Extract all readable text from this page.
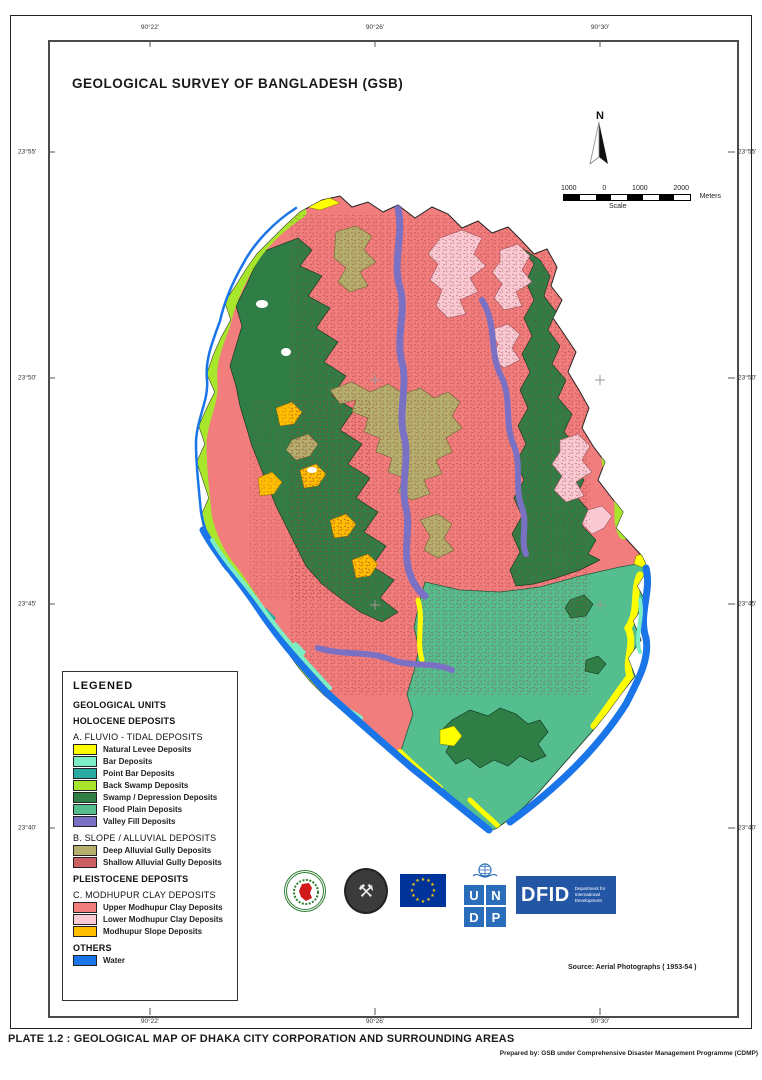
GEOLOGICAL SURVEY OF BANGLADESH (GSB)
90°22'
90°22'
90°26'
90°26'
90°30'
90°30'
23°55'	23°55'
23°50'	23°50'
23°45'	23°45'
23°40'	23°40'
N
1000	0	1000	2000
Meters
Scale
LEGENED
GEOLOGICAL UNITS
HOLOCENE DEPOSITS
A. FLUVIO - TIDAL DEPOSITS
Natural Levee Deposits
Bar Deposits
Point Bar Deposits
Back Swamp Deposits
Swamp / Depression Deposits
Flood Plain Deposits
Valley Fill Deposits
B. SLOPE / ALLUVIAL DEPOSITS
Deep Alluvial Gully Deposits
Shallow Alluvial Gully Deposits
PLEISTOCENE DEPOSITS
C. MODHUPUR CLAY DEPOSITS
Upper Modhupur Clay Deposits
Lower Modhupur Clay Deposits
Modhupur Slope Deposits
OTHERS
Water
Source: Aerial Photographs ( 1953-54 )
⚒
★ ★
★
★
★
★
★
★
★
★
★
★
U N
D P
DFID Department for International Development
PLATE 1.2 : GEOLOGICAL MAP OF DHAKA CITY CORPORATION AND SURROUNDING AREAS
Prepared by: GSB under Comprehensive Disaster Management Programme (CDMP)
